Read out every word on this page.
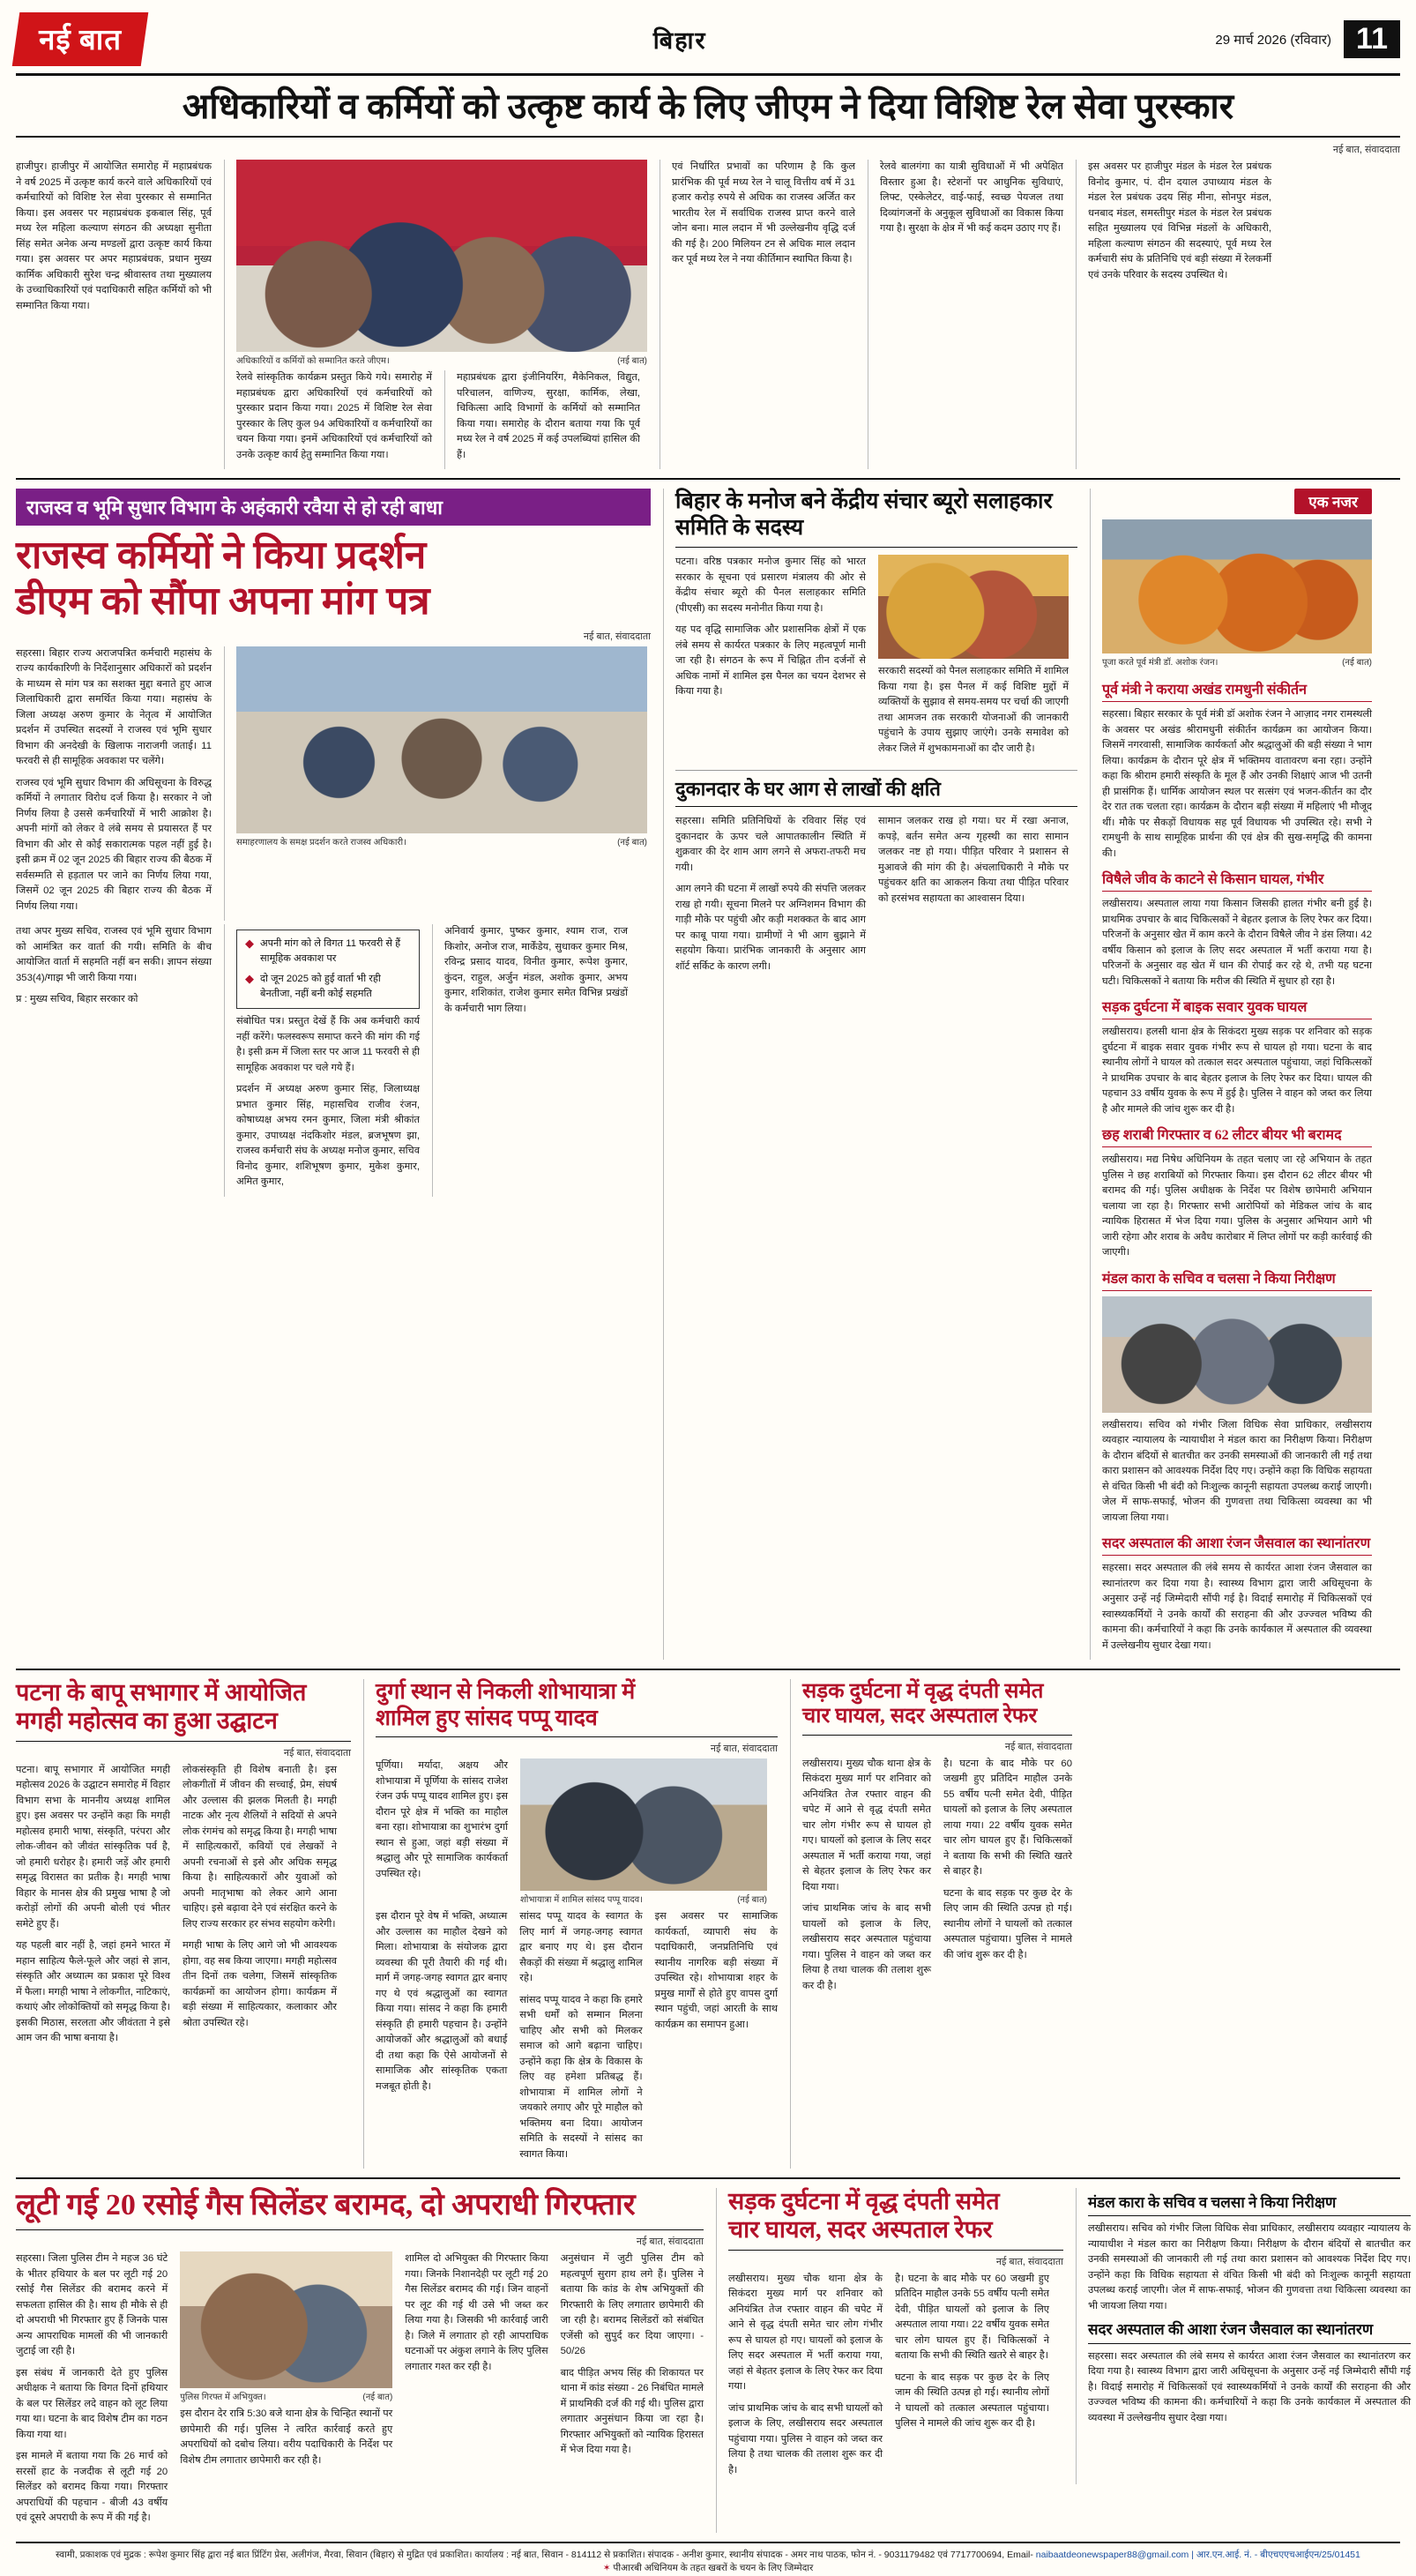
नई बात	बिहार	29 मार्च 2026 (रविवार) 11
अधिकारियों व कर्मियों को उत्कृष्ट कार्य के लिए जीएम ने दिया विशिष्ट रेल सेवा पुरस्कार
नई बात, संवाददाता

हाजीपुर। हाजीपुर में आयोजित समारोह में महाप्रबंधक ने वर्ष 2025 में उत्कृष्ट कार्य करने वाले अधिकारियों एवं कर्मचारियों को विशिष्ट रेल सेवा पुरस्कार से सम्मानित किया। इस अवसर पर महाप्रबंधक इकबाल सिंह, पूर्व मध्य रेल महिला कल्याण संगठन की अध्यक्षा सुनीता सिंह समेत अनेक अन्य मण्डलों द्वारा उत्कृष्ट कार्य किया गया। इस अवसर पर अपर महाप्रबंधक, प्रधान मुख्य कार्मिक अधिकारी सुरेश चन्द्र श्रीवास्तव तथा मुख्यालय के उच्चाधिकारियों एवं पदाधिकारी सहित कर्मियों को भी सम्मानित किया गया।

अधिकारियों व कर्मियों को सम्मानित करते जीएम।	(नई बात)

रेलवे सांस्कृतिक कार्यक्रम प्रस्तुत किये गये। समारोह में महाप्रबंधक द्वारा अधिकारियों एवं कर्मचारियों को पुरस्कार प्रदान किया गया। 2025 में विशिष्ट रेल सेवा पुरस्कार के लिए कुल 94 अधिकारियों व कर्मचारियों का चयन किया गया। इनमें अधिकारियों एवं कर्मचारियों को उनके उत्कृष्ट कार्य हेतु सम्मानित किया गया।

महाप्रबंधक द्वारा इंजीनियरिंग, मैकेनिकल, विद्युत, परिचालन, वाणिज्य, सुरक्षा, कार्मिक, लेखा, चिकित्सा आदि विभागों के कर्मियों को सम्मानित किया गया। समारोह के दौरान बताया गया कि पूर्व मध्य रेल ने वर्ष 2025 में कई उपलब्धियां हासिल की हैं।

एवं निर्धारित प्रभावों का परिणाम है कि कुल प्रारंभिक की पूर्व मध्य रेल ने चालू वित्तीय वर्ष में 31 हजार करोड़ रुपये से अधिक का राजस्व अर्जित कर भारतीय रेल में सर्वाधिक राजस्व प्राप्त करने वाले जोन बना। माल लदान में भी उल्लेखनीय वृद्धि दर्ज की गई है। 200 मिलियन टन से अधिक माल लदान कर पूर्व मध्य रेल ने नया कीर्तिमान स्थापित किया है।

रेलवे बालगंगा का यात्री सुविधाओं में भी अपेक्षित विस्तार हुआ है। स्टेशनों पर आधुनिक सुविधाएं, लिफ्ट, एस्केलेटर, वाई-फाई, स्वच्छ पेयजल तथा दिव्यांगजनों के अनुकूल सुविधाओं का विकास किया गया है। सुरक्षा के क्षेत्र में भी कई कदम उठाए गए हैं।

इस अवसर पर हाजीपुर मंडल के मंडल रेल प्रबंधक विनोद कुमार, पं. दीन दयाल उपाध्याय मंडल के मंडल रेल प्रबंधक उदय सिंह मीना, सोनपुर मंडल, धनबाद मंडल, समस्तीपुर मंडल के मंडल रेल प्रबंधक सहित मुख्यालय एवं विभिन्न मंडलों के अधिकारी, महिला कल्याण संगठन की सदस्याएं, पूर्व मध्य रेल कर्मचारी संघ के प्रतिनिधि एवं बड़ी संख्या में रेलकर्मी एवं उनके परिवार के सदस्य उपस्थित थे।

राजस्व व भूमि सुधार विभाग के अहंकारी रवैया से हो रही बाधा
राजस्व कर्मियों ने किया प्रदर्शन
डीएम को सौंपा अपना मांग पत्र
नई बात, संवाददाता

सहरसा। बिहार राज्य अराजपत्रित कर्मचारी महासंघ के राज्य कार्यकारिणी के निर्देशानुसार अधिकारों को प्रदर्शन के माध्यम से मांग पत्र का सशक्त मुद्दा बनाते हुए आज जिलाधिकारी द्वारा समर्थित किया गया। महासंघ के जिला अध्यक्ष अरुण कुमार के नेतृत्व में आयोजित प्रदर्शन में उपस्थित सदस्यों ने राजस्व एवं भूमि सुधार विभाग की अनदेखी के खिलाफ नाराजगी जताई। 11 फरवरी से ही सामूहिक अवकाश पर चलेंगे।

राजस्व एवं भूमि सुधार विभाग की अधिसूचना के विरुद्ध कर्मियों ने लगातार विरोध दर्ज किया है। सरकार ने जो निर्णय लिया है उससे कर्मचारियों में भारी आक्रोश है। अपनी मांगों को लेकर वे लंबे समय से प्रयासरत हैं पर विभाग की ओर से कोई सकारात्मक पहल नहीं हुई है। इसी क्रम में 02 जून 2025 की बिहार राज्य की बैठक में सर्वसम्मति से हड़ताल पर जाने का निर्णय लिया गया, जिसमें 02 जून 2025 की बिहार राज्य की बैठक में निर्णय लिया गया।

समाहरणालय के समक्ष प्रदर्शन करते राजस्व अधिकारी।	(नई बात)

तथा अपर मुख्य सचिव, राजस्व एवं भूमि सुधार विभाग को आमंत्रित कर वार्ता की गयी। समिति के बीच आयोजित वार्ता में सहमति नहीं बन सकी। ज्ञापन संख्या 353(4)/गाझ भी जारी किया गया।

प्र : मुख्य सचिव, बिहार सरकार को

◆ अपनी मांग को ले विगत 11 फरवरी से हैं सामूहिक अवकाश पर
◆ दो जून 2025 को हुई वार्ता भी रही बेनतीजा, नहीं बनी कोई सहमति

संबोधित पत्र। प्रस्तुत देखें हैं कि अब कर्मचारी कार्य नहीं करेंगे। फलस्वरूप समाप्त करने की मांग की गई है। इसी क्रम में जिला स्तर पर आज 11 फरवरी से ही सामूहिक अवकाश पर चले गये हैं।

प्रदर्शन में अध्यक्ष अरुण कुमार सिंह, जिलाध्यक्ष प्रभात कुमार सिंह, महासचिव राजीव रंजन, कोषाध्यक्ष अभय रमन कुमार, जिला मंत्री श्रीकांत कुमार, उपाध्यक्ष नंदकिशोर मंडल, ब्रजभूषण झा, राजस्व कर्मचारी संघ के अध्यक्ष मनोज कुमार, सचिव विनोद कुमार, शशिभूषण कुमार, मुकेश कुमार, अमित कुमार,

अनिवार्य कुमार, पुष्कर कुमार, श्याम राज, राज किशोर, अनोज राज, मार्केंडेय, सुधाकर कुमार मिश्र, रविन्द्र प्रसाद यादव, विनीत कुमार, रूपेश कुमार, कुंदन, राहुल, अर्जुन मंडल, अशोक कुमार, अभय कुमार, शशिकांत, राजेश कुमार समेत विभिन्न प्रखंडों के कर्मचारी भाग लिया।

बिहार के मनोज बने केंद्रीय संचार ब्यूरो सलाहकार समिति के सदस्य

पटना। वरिष्ठ पत्रकार मनोज कुमार सिंह को भारत सरकार के सूचना एवं प्रसारण मंत्रालय की ओर से केंद्रीय संचार ब्यूरो की पैनल सलाहकार समिति (पीएसी) का सदस्य मनोनीत किया गया है।

यह पद वृद्धि सामाजिक और प्रशासनिक क्षेत्रों में एक लंबे समय से कार्यरत पत्रकार के लिए महत्वपूर्ण मानी जा रही है। संगठन के रूप में चिह्नित तीन दर्जनों से अधिक नामों में शामिल इस पैनल का चयन देशभर से किया गया है।

सरकारी सदस्यों को पैनल सलाहकार समिति में शामिल किया गया है। इस पैनल में कई विशिष्ट मुद्दों में व्यक्तियों के सुझाव से समय-समय पर चर्चा की जाएगी तथा आमजन तक सरकारी योजनाओं की जानकारी पहुंचाने के उपाय सुझाए जाएंगे। उनके समावेश को लेकर जिले में शुभकामनाओं का दौर जारी है।

दुकानदार के घर आग से लाखों की क्षति

सहरसा। समिति प्रतिनिधियों के रविवार सिंह एवं दुकानदार के ऊपर चले आपातकालीन स्थिति में शुक्रवार की देर शाम आग लगने से अफरा-तफरी मच गयी।

आग लगने की घटना में लाखों रुपये की संपत्ति जलकर राख हो गयी। सूचना मिलने पर अग्निशमन विभाग की गाड़ी मौके पर पहुंची और कड़ी मशक्कत के बाद आग पर काबू पाया गया। ग्रामीणों ने भी आग बुझाने में सहयोग किया। प्रारंभिक जानकारी के अनुसार आग शॉर्ट सर्किट के कारण लगी।

सामान जलकर राख हो गया। घर में रखा अनाज, कपड़े, बर्तन समेत अन्य गृहस्थी का सारा सामान जलकर नष्ट हो गया। पीड़ित परिवार ने प्रशासन से मुआवजे की मांग की है। अंचलाधिकारी ने मौके पर पहुंचकर क्षति का आकलन किया तथा पीड़ित परिवार को हरसंभव सहायता का आश्वासन दिया।

एक नजर
पूजा करते पूर्व मंत्री डॉ. अशोक रंजन।	(नई बात)
पूर्व मंत्री ने कराया अखंड रामधुनी संकीर्तन

सहरसा। बिहार सरकार के पूर्व मंत्री डॉ अशोक रंजन ने आज़ाद नगर रामस्थली के अवसर पर अखंड श्रीरामधुनी संकीर्तन कार्यक्रम का आयोजन किया। जिसमें नगरवासी, सामाजिक कार्यकर्ता और श्रद्धालुओं की बड़ी संख्या ने भाग लिया। कार्यक्रम के दौरान पूरे क्षेत्र में भक्तिमय वातावरण बना रहा। उन्होंने कहा कि श्रीराम हमारी संस्कृति के मूल हैं और उनकी शिक्षाएं आज भी उतनी ही प्रासंगिक हैं। धार्मिक आयोजन स्थल पर सत्संग एवं भजन-कीर्तन का दौर देर रात तक चलता रहा। कार्यक्रम के दौरान बड़ी संख्या में महिलाएं भी मौजूद थीं। मौके पर सैकड़ों विधायक सह पूर्व विधायक भी उपस्थित रहे। सभी ने रामधुनी के साथ सामूहिक प्रार्थना की एवं क्षेत्र की सुख-समृद्धि की कामना की।

विषैले जीव के काटने से किसान घायल, गंभीर

लखीसराय। अस्पताल लाया गया किसान जिसकी हालत गंभीर बनी हुई है। प्राथमिक उपचार के बाद चिकित्सकों ने बेहतर इलाज के लिए रेफर कर दिया। परिजनों के अनुसार खेत में काम करने के दौरान विषैले जीव ने डंस लिया। 42 वर्षीय किसान को इलाज के लिए सदर अस्पताल में भर्ती कराया गया है। परिजनों के अनुसार वह खेत में धान की रोपाई कर रहे थे, तभी यह घटना घटी। चिकित्सकों ने बताया कि मरीज की स्थिति में सुधार हो रहा है।

सड़क दुर्घटना में बाइक सवार युवक घायल

लखीसराय। हलसी थाना क्षेत्र के सिकंदरा मुख्य सड़क पर शनिवार को सड़क दुर्घटना में बाइक सवार युवक गंभीर रूप से घायल हो गया। घटना के बाद स्थानीय लोगों ने घायल को तत्काल सदर अस्पताल पहुंचाया, जहां चिकित्सकों ने प्राथमिक उपचार के बाद बेहतर इलाज के लिए रेफर कर दिया। घायल की पहचान 33 वर्षीय युवक के रूप में हुई है। पुलिस ने वाहन को जब्त कर लिया है और मामले की जांच शुरू कर दी है।

छह शराबी गिरफ्तार व 62 लीटर बीयर भी बरामद

लखीसराय। मद्य निषेध अधिनियम के तहत चलाए जा रहे अभियान के तहत पुलिस ने छह शराबियों को गिरफ्तार किया। इस दौरान 62 लीटर बीयर भी बरामद की गई। पुलिस अधीक्षक के निर्देश पर विशेष छापेमारी अभियान चलाया जा रहा है। गिरफ्तार सभी आरोपियों को मेडिकल जांच के बाद न्यायिक हिरासत में भेज दिया गया। पुलिस के अनुसार अभियान आगे भी जारी रहेगा और शराब के अवैध कारोबार में लिप्त लोगों पर कड़ी कार्रवाई की जाएगी।

मंडल कारा के सचिव व चलसा ने किया निरीक्षण

लखीसराय। सचिव को गंभीर जिला विधिक सेवा प्राधिकार, लखीसराय व्यवहार न्यायालय के न्यायाधीश ने मंडल कारा का निरीक्षण किया। निरीक्षण के दौरान बंदियों से बातचीत कर उनकी समस्याओं की जानकारी ली गई तथा कारा प्रशासन को आवश्यक निर्देश दिए गए। उन्होंने कहा कि विधिक सहायता से वंचित किसी भी बंदी को निःशुल्क कानूनी सहायता उपलब्ध कराई जाएगी। जेल में साफ-सफाई, भोजन की गुणवत्ता तथा चिकित्सा व्यवस्था का भी जायजा लिया गया।

सदर अस्पताल की आशा रंजन जैसवाल का स्थानांतरण

सहरसा। सदर अस्पताल की लंबे समय से कार्यरत आशा रंजन जैसवाल का स्थानांतरण कर दिया गया है। स्वास्थ्य विभाग द्वारा जारी अधिसूचना के अनुसार उन्हें नई जिम्मेदारी सौंपी गई है। विदाई समारोह में चिकित्सकों एवं स्वास्थ्यकर्मियों ने उनके कार्यों की सराहना की और उज्ज्वल भविष्य की कामना की। कर्मचारियों ने कहा कि उनके कार्यकाल में अस्पताल की व्यवस्था में उल्लेखनीय सुधार देखा गया।

पटना के बापू सभागार में आयोजित
मगही महोत्सव का हुआ उद्घाटन
नई बात, संवाददाता

पटना। बापू सभागार में आयोजित मगही महोत्सव 2026 के उद्घाटन समारोह में विहार विभाग सभा के माननीय अध्यक्ष शामिल हुए। इस अवसर पर उन्होंने कहा कि मगही महोत्सव हमारी भाषा, संस्कृति, परंपरा और लोक-जीवन को जीवंत सांस्कृतिक पर्व है, जो हमारी धरोहर है। हमारी जड़ें और हमारी समृद्ध विरासत का प्रतीक है। मगही भाषा विहार के मानस क्षेत्र की प्रमुख भाषा है जो करोड़ों लोगों की अपनी बोली एवं भीतर समेटे हुए हैं।

यह पहली बार नहीं है, जहां हमने भारत में महान साहित्य फैले-फूले और जहां से ज्ञान, संस्कृति और अध्यात्म का प्रकाश पूरे विश्व में फैला। मगही भाषा ने लोकगीत, नाटिकाएं, कथाएं और लोकोक्तियों को समृद्ध किया है। इसकी मिठास, सरलता और जीवंतता ने इसे आम जन की भाषा बनाया है।

लोकसंस्कृति ही विशेष बनाती है। इस लोकगीतों में जीवन की सच्चाई, प्रेम, संघर्ष और उल्लास की झलक मिलती है। मगही नाटक और नृत्य शैलियों ने सदियों से अपने लोक रंगमंच को समृद्ध किया है। मगही भाषा में साहित्यकारों, कवियों एवं लेखकों ने अपनी रचनाओं से इसे और अधिक समृद्ध किया है। साहित्यकारों और युवाओं को अपनी मातृभाषा को लेकर आगे आना चाहिए। इसे बढ़ावा देने एवं संरक्षित करने के लिए राज्य सरकार हर संभव सहयोग करेगी।

मगही भाषा के लिए आगे जो भी आवश्यक होगा, वह सब किया जाएगा। मगही महोत्सव तीन दिनों तक चलेगा, जिसमें सांस्कृतिक कार्यक्रमों का आयोजन होगा। कार्यक्रम में बड़ी संख्या में साहित्यकार, कलाकार और श्रोता उपस्थित रहे।

दुर्गा स्थान से निकली शोभायात्रा में
शामिल हुए सांसद पप्पू यादव
नई बात, संवाददाता

पूर्णिया। मर्यादा, अक्षय और शोभायात्रा में पूर्णिया के सांसद राजेश रंजन उर्फ पप्पू यादव शामिल हुए। इस दौरान पूरे क्षेत्र में भक्ति का माहौल बना रहा। शोभायात्रा का शुभारंभ दुर्गा स्थान से हुआ, जहां बड़ी संख्या में श्रद्धालु और पूरे सामाजिक कार्यकर्ता उपस्थित रहे।

शोभायात्रा में शामिल सांसद पप्पू यादव।	(नई बात)

इस दौरान पूरे वेष में भक्ति, अध्यात्म और उल्लास का माहौल देखने को मिला। शोभायात्रा के संयोजक द्वारा व्यवस्था की पूरी तैयारी की गई थी। मार्ग में जगह-जगह स्वागत द्वार बनाए गए थे एवं श्रद्धालुओं का स्वागत किया गया। सांसद ने कहा कि हमारी संस्कृति ही हमारी पहचान है। उन्होंने आयोजकों और श्रद्धालुओं को बधाई दी तथा कहा कि ऐसे आयोजनों से सामाजिक और सांस्कृतिक एकता मजबूत होती है।

सांसद पप्पू यादव के स्वागत के लिए मार्ग में जगह-जगह स्वागत द्वार बनाए गए थे। इस दौरान सैकड़ों की संख्या में श्रद्धालु शामिल रहे।

सांसद पप्पू यादव ने कहा कि हमारे सभी धर्मों को सम्मान मिलना चाहिए और सभी को मिलकर समाज को आगे बढ़ाना चाहिए। उन्होंने कहा कि क्षेत्र के विकास के लिए वह हमेशा प्रतिबद्ध हैं। शोभायात्रा में शामिल लोगों ने जयकारे लगाए और पूरे माहौल को भक्तिमय बना दिया। आयोजन समिति के सदस्यों ने सांसद का स्वागत किया।

इस अवसर पर सामाजिक कार्यकर्ता, व्यापारी संघ के पदाधिकारी, जनप्रतिनिधि एवं स्थानीय नागरिक बड़ी संख्या में उपस्थित रहे। शोभायात्रा शहर के प्रमुख मार्गों से होते हुए वापस दुर्गा स्थान पहुंची, जहां आरती के साथ कार्यक्रम का समापन हुआ।

सड़क दुर्घटना में वृद्ध दंपती समेत
चार घायल, सदर अस्पताल रेफर
नई बात, संवाददाता

लखीसराय। मुख्य चौक थाना क्षेत्र के सिकंदरा मुख्य मार्ग पर शनिवार को अनियंत्रित तेज रफ्तार वाहन की चपेट में आने से वृद्ध दंपती समेत चार लोग गंभीर रूप से घायल हो गए। घायलों को इलाज के लिए सदर अस्पताल में भर्ती कराया गया, जहां से बेहतर इलाज के लिए रेफर कर दिया गया।

जांच प्राथमिक जांच के बाद सभी घायलों को इलाज के लिए, लखीसराय सदर अस्पताल पहुंचाया गया। पुलिस ने वाहन को जब्त कर लिया है तथा चालक की तलाश शुरू कर दी है।

है। घटना के बाद मौके पर 60 जखमी हुए प्रतिदिन माहौल उनके 55 वर्षीय पत्नी समेत देवी, पीड़ित घायलों को इलाज के लिए अस्पताल लाया गया। 22 वर्षीय युवक समेत चार लोग घायल हुए हैं। चिकित्सकों ने बताया कि सभी की स्थिति खतरे से बाहर है।

घटना के बाद सड़क पर कुछ देर के लिए जाम की स्थिति उत्पन्न हो गई। स्थानीय लोगों ने घायलों को तत्काल अस्पताल पहुंचाया। पुलिस ने मामले की जांच शुरू कर दी है।

लूटी गई 20 रसोई गैस सिलेंडर बरामद, दो अपराधी गिरफ्तार
नई बात, संवाददाता

सहरसा। जिला पुलिस टीम ने महज 36 घंटे के भीतर हथियार के बल पर लूटी गई 20 रसोई गैस सिलेंडर की बरामद करने में सफलता हासिल की है। साथ ही मौके से ही दो अपराधी भी गिरफ्तार हुए हैं जिनके पास अन्य आपराधिक मामलों की भी जानकारी जुटाई जा रही है।

इस संबंध में जानकारी देते हुए पुलिस अधीक्षक ने बताया कि विगत दिनों हथियार के बल पर सिलेंडर लदे वाहन को लूट लिया गया था। घटना के बाद विशेष टीम का गठन किया गया था।

इस मामले में बताया गया कि 26 मार्च को सरसों हाट के नजदीक से लूटी गई 20 सिलेंडर को बरामद किया गया। गिरफ्तार अपराधियों की पहचान - बीजी 43 वर्षीय एवं दूसरे अपराधी के रूप में की गई है।

पुलिस गिरफ्त में अभियुक्त।	(नई बात)

इस दौरान देर रात्रि 5:30 बजे थाना क्षेत्र के चिन्हित स्थानों पर छापेमारी की गई। पुलिस ने त्वरित कार्रवाई करते हुए अपराधियों को दबोच लिया। वरीय पदाधिकारी के निर्देश पर विशेष टीम लगातार छापेमारी कर रही है।

शामिल दो अभियुक्त की गिरफ्तार किया गया। जिनके निशानदेही पर लूटी गई 20 गैस सिलेंडर बरामद की गई। जिन वाहनों पर लूट की गई थी उसे भी जब्त कर लिया गया है। जिसकी भी कार्रवाई जारी है। जिले में लगातार हो रही आपराधिक घटनाओं पर अंकुश लगाने के लिए पुलिस लगातार गश्त कर रही है।

अनुसंधान में जुटी पुलिस टीम को महत्वपूर्ण सुराग हाथ लगे हैं। पुलिस ने बताया कि कांड के शेष अभियुक्तों की गिरफ्तारी के लिए लगातार छापेमारी की जा रही है। बरामद सिलेंडरों को संबंधित एजेंसी को सुपुर्द कर दिया जाएगा। - 50/26

बाद पीड़ित अभय सिंह की शिकायत पर थाना में कांड संख्या - 26 निबंधित मामले में प्राथमिकी दर्ज की गई थी। पुलिस द्वारा लगातार अनुसंधान किया जा रहा है। गिरफ्तार अभियुक्तों को न्यायिक हिरासत में भेज दिया गया है।

सड़क दुर्घटना में वृद्ध दंपती समेत
चार घायल, सदर अस्पताल रेफर
नई बात, संवाददाता

लखीसराय। मुख्य चौक थाना क्षेत्र के सिकंदरा मुख्य मार्ग पर शनिवार को अनियंत्रित तेज रफ्तार वाहन की चपेट में आने से वृद्ध दंपती समेत चार लोग गंभीर रूप से घायल हो गए। घायलों को इलाज के लिए सदर अस्पताल में भर्ती कराया गया, जहां से बेहतर इलाज के लिए रेफर कर दिया गया।

जांच प्राथमिक जांच के बाद सभी घायलों को इलाज के लिए, लखीसराय सदर अस्पताल पहुंचाया गया। पुलिस ने वाहन को जब्त कर लिया है तथा चालक की तलाश शुरू कर दी है।

है। घटना के बाद मौके पर 60 जखमी हुए प्रतिदिन माहौल उनके 55 वर्षीय पत्नी समेत देवी, पीड़ित घायलों को इलाज के लिए अस्पताल लाया गया। 22 वर्षीय युवक समेत चार लोग घायल हुए हैं। चिकित्सकों ने बताया कि सभी की स्थिति खतरे से बाहर है।

घटना के बाद सड़क पर कुछ देर के लिए जाम की स्थिति उत्पन्न हो गई। स्थानीय लोगों ने घायलों को तत्काल अस्पताल पहुंचाया। पुलिस ने मामले की जांच शुरू कर दी है।

मंडल कारा के सचिव व चलसा ने किया निरीक्षण

लखीसराय। सचिव को गंभीर जिला विधिक सेवा प्राधिकार, लखीसराय व्यवहार न्यायालय के न्यायाधीश ने मंडल कारा का निरीक्षण किया। निरीक्षण के दौरान बंदियों से बातचीत कर उनकी समस्याओं की जानकारी ली गई तथा कारा प्रशासन को आवश्यक निर्देश दिए गए। उन्होंने कहा कि विधिक सहायता से वंचित किसी भी बंदी को निःशुल्क कानूनी सहायता उपलब्ध कराई जाएगी। जेल में साफ-सफाई, भोजन की गुणवत्ता तथा चिकित्सा व्यवस्था का भी जायजा लिया गया।

सदर अस्पताल की आशा रंजन जैसवाल का स्थानांतरण

सहरसा। सदर अस्पताल की लंबे समय से कार्यरत आशा रंजन जैसवाल का स्थानांतरण कर दिया गया है। स्वास्थ्य विभाग द्वारा जारी अधिसूचना के अनुसार उन्हें नई जिम्मेदारी सौंपी गई है। विदाई समारोह में चिकित्सकों एवं स्वास्थ्यकर्मियों ने उनके कार्यों की सराहना की और उज्ज्वल भविष्य की कामना की। कर्मचारियों ने कहा कि उनके कार्यकाल में अस्पताल की व्यवस्था में उल्लेखनीय सुधार देखा गया।

स्वामी, प्रकाशक एवं मुद्रक : रूपेश कुमार सिंह द्वारा नई बात प्रिंटिंग प्रेस, अलीगंज, मैरवा, सिवान (बिहार) से मुद्रित एवं प्रकाशित। कार्यालय : नई बात, सिवान - 814112 से प्रकाशित। संपादक - अनीश कुमार, स्थानीय संपादक - अमर नाथ पाठक, फोन नं. - 9031179482 एवं 7717700694, Email- naibaatdeonewspaper88@gmail.com | आर.एन.आई. नं. - बीएचएएचआईएन/25/01451
✶ पीआरबी अधिनियम के तहत खबरों के चयन के लिए जिम्मेदार
